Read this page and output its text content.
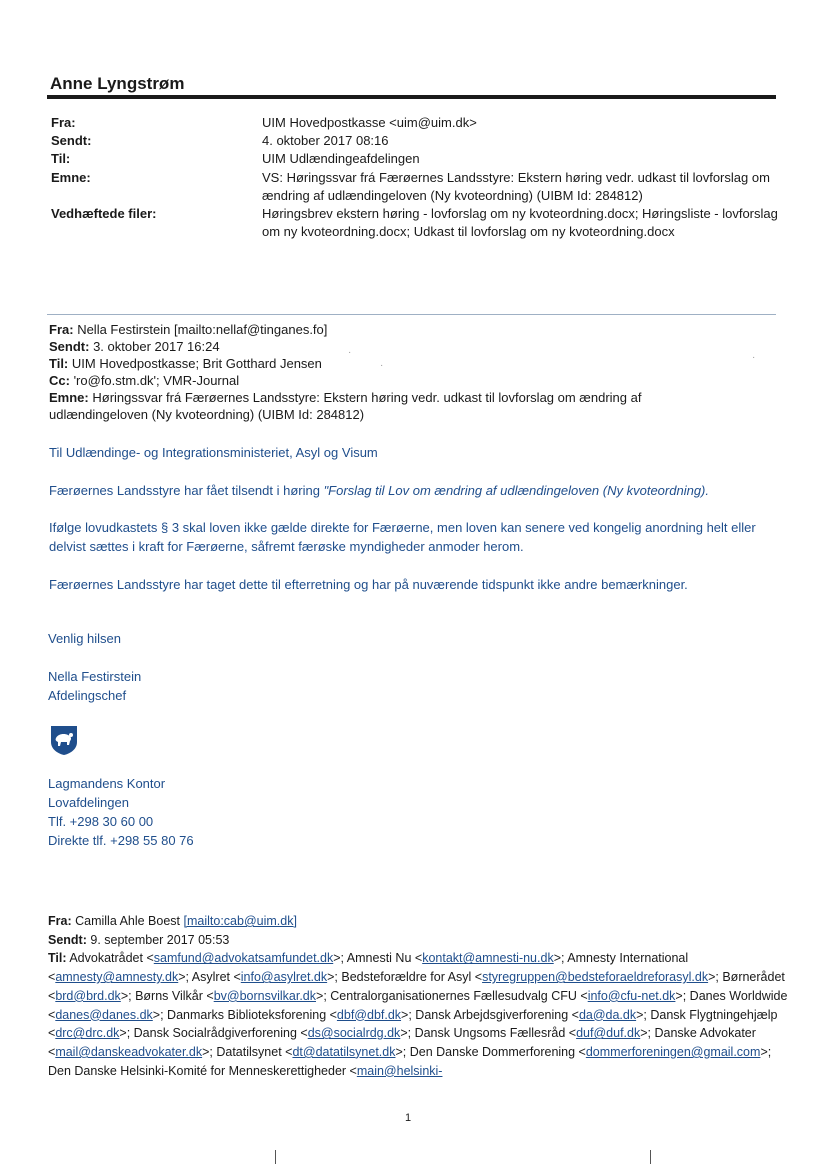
Anne Lyngstrøm
Fra:	UIM Hovedpostkasse <uim@uim.dk>
Sendt:	4. oktober 2017 08:16
Til:	UIM Udlændingeafdelingen
Emne:	VS: Høringssvar frá Færøernes Landsstyre: Ekstern høring vedr. udkast til lovforslag om ændring af udlændingeloven (Ny kvoteordning) (UIBM Id: 284812)
Vedhæftede filer:	Høringsbrev ekstern høring - lovforslag om ny kvoteordning.docx; Høringsliste - lovforslag om ny kvoteordning.docx; Udkast til lovforslag om ny kvoteordning.docx
Fra: Nella Festirstein [mailto:nellaf@tinganes.fo]
Sendt: 3. oktober 2017 16:24
Til: UIM Hovedpostkasse; Brit Gotthard Jensen
Cc: 'ro@fo.stm.dk'; VMR-Journal
Emne: Høringssvar frá Færøernes Landsstyre: Ekstern høring vedr. udkast til lovforslag om ændring af udlændingeloven (Ny kvoteordning) (UIBM Id: 284812)
·
·
·
Til Udlændinge- og Integrationsministeriet, Asyl og Visum
Færøernes Landsstyre har fået tilsendt i høring "Forslag til Lov om ændring af udlændingeloven (Ny kvoteordning).
Ifølge lovudkastets § 3 skal loven ikke gælde direkte for Færøerne, men loven kan senere ved kongelig anordning helt eller delvist sættes i kraft for Færøerne, såfremt færøske myndigheder anmoder herom.
Færøernes Landsstyre har taget dette til efterretning og har på nuværende tidspunkt ikke andre bemærkninger.
Venlig hilsen
Nella Festirstein
Afdelingschef
Lagmandens Kontor
Lovafdelingen
Tlf. +298 30 60 00
Direkte tlf. +298 55 80 76
Fra: Camilla Ahle Boest [mailto:cab@uim.dk]
Sendt: 9. september 2017 05:53
Til: Advokatrådet <samfund@advokatsamfundet.dk>; Amnesti Nu <kontakt@amnesti-nu.dk>; Amnesty International <amnesty@amnesty.dk>; Asylret <info@asylret.dk>; Bedsteforældre for Asyl <styregruppen@bedsteforaeldreforasyl.dk>; Børnerådet <brd@brd.dk>; Børns Vilkår <bv@bornsvilkar.dk>; Centralorganisationernes Fællesudvalg CFU <info@cfu-net.dk>; Danes Worldwide <danes@danes.dk>; Danmarks Biblioteksforening <dbf@dbf.dk>; Dansk Arbejdsgiverforening <da@da.dk>; Dansk Flygtningehjælp <drc@drc.dk>; Dansk Socialrådgiverforening <ds@socialrdg.dk>; Dansk Ungsoms Fællesråd <duf@duf.dk>; Danske Advokater <mail@danskeadvokater.dk>; Datatilsynet <dt@datatilsynet.dk>; Den Danske Dommerforening <dommerforeningen@gmail.com>; Den Danske Helsinki-Komité for Menneskerettigheder <main@helsinki-
1
